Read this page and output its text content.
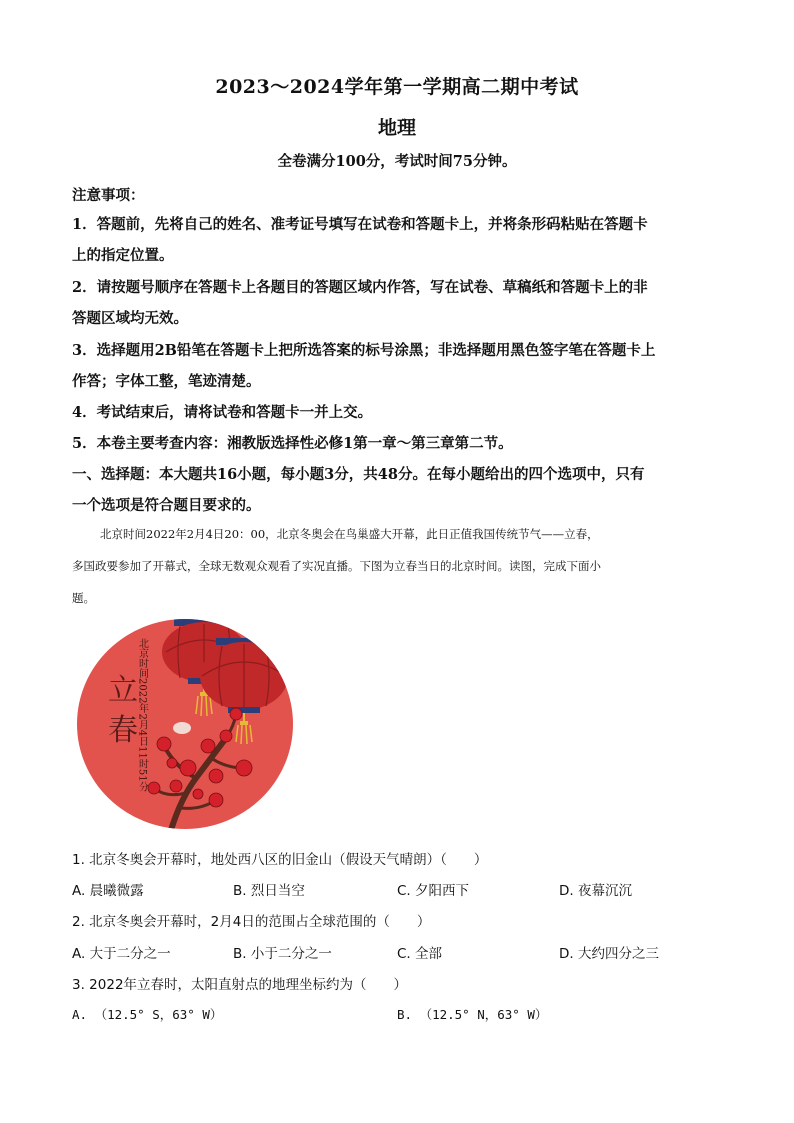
2023～2024学年第一学期高二期中考试
地理
全卷满分100分，考试时间75分钟。
注意事项：
1．答题前，先将自己的姓名、准考证号填写在试卷和答题卡上，并将条形码粘贴在答题卡
上的指定位置。
2．请按题号顺序在答题卡上各题目的答题区域内作答，写在试卷、草稿纸和答题卡上的非
答题区域均无效。
3．选择题用2B铅笔在答题卡上把所选答案的标号涂黑；非选择题用黑色签字笔在答题卡上
作答；字体工整，笔迹清楚。
4．考试结束后，请将试卷和答题卡一并上交。
5．本卷主要考查内容：湘教版选择性必修1第一章～第三章第二节。
一、选择题：本大题共16小题，每小题3分，共48分。在每小题给出的四个选项中，只有
一个选项是符合题目要求的。
北京时间2022年2月4日20：00，北京冬奥会在鸟巢盛大开幕，此日正值我国传统节气——立春，
多国政要参加了开幕式，全球无数观众观看了实况直播。下图为立春当日的北京时间。读图，完成下面小
题。
立
春
北京时间2022年2月4日11时51分
1. 北京冬奥会开幕时，地处西八区的旧金山（假设天气晴朗）（　　）
A. 晨曦微露	B. 烈日当空	C. 夕阳西下	D. 夜幕沉沉
2. 北京冬奥会开幕时，2月4日的范围占全球范围的（　　）
A. 大于二分之一	B. 小于二分之一	C. 全部	D. 大约四分之三
3. 2022年立春时，太阳直射点的地理坐标约为（　　）
A. （12.5° S，63° W）	B. （12.5° N，63° W）
